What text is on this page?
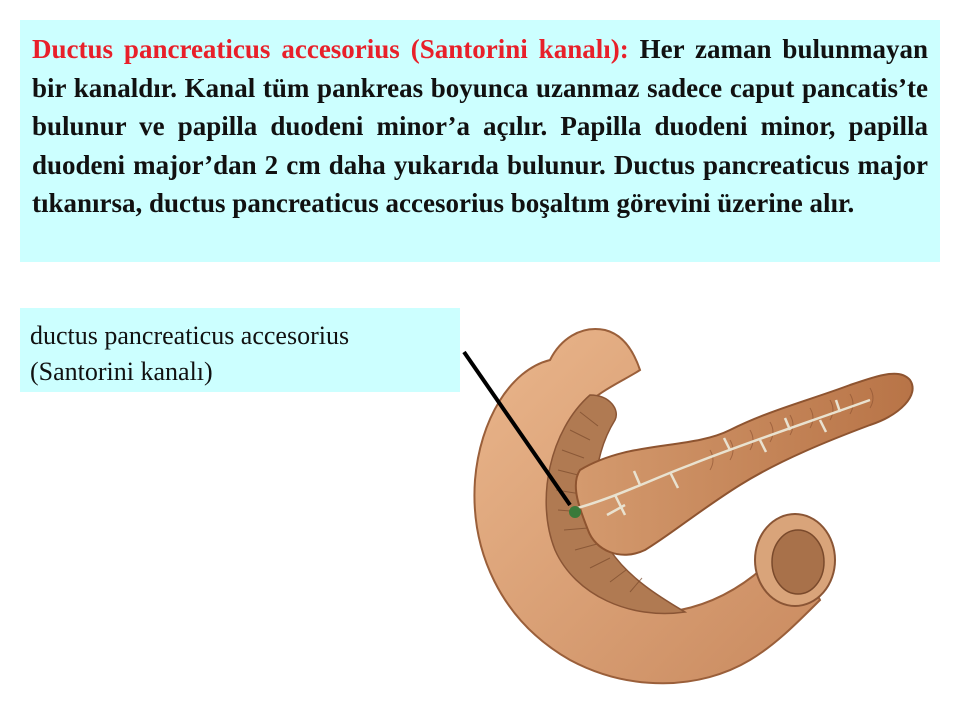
Ductus pancreaticus accesorius (Santorini kanalı): Her zaman bulunmayan bir kanaldır. Kanal tüm pankreas boyunca uzanmaz sadece caput pancatis’te bulunur ve papilla duodeni minor’a açılır. Papilla duodeni minor, papilla duodeni major’dan 2 cm daha yukarıda bulunur. Ductus pancreaticus major tıkanırsa, ductus pancreaticus accesorius boşaltım görevini üzerine alır.
ductus pancreaticus accesorius
(Santorini kanalı)
